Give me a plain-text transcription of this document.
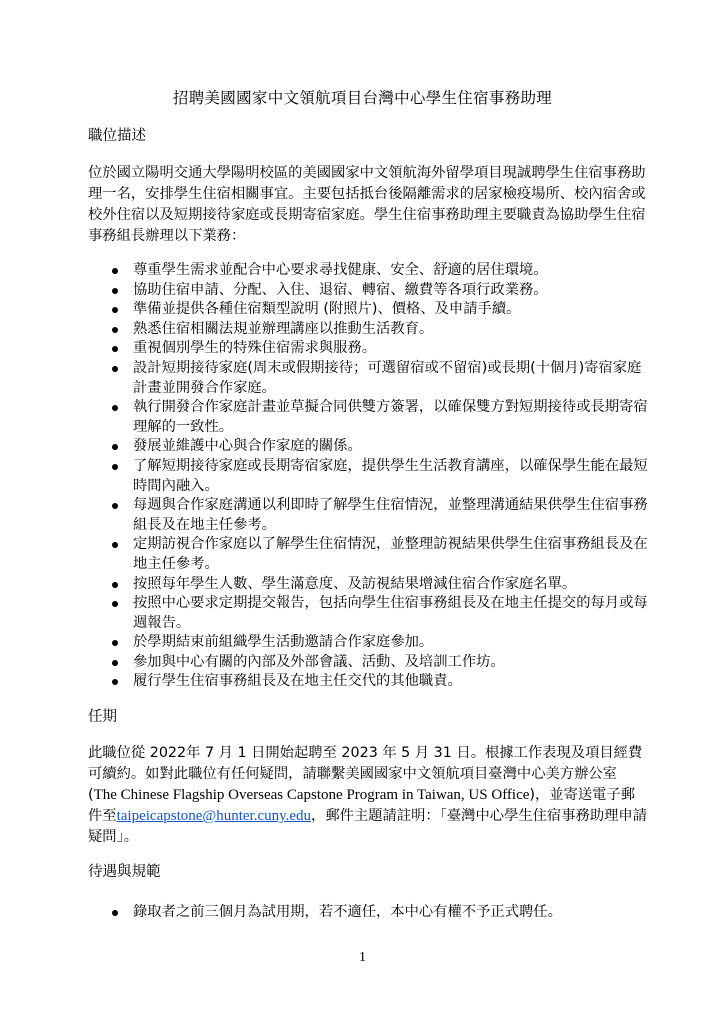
招聘美國國家中文領航項目台灣中心學生住宿事務助理
職位描述

位於國立陽明交通大學陽明校區的美國國家中文領航海外留學項目現誠聘學生住宿事務助理一名，安排學生住宿相關事宜。主要包括抵台後隔離需求的居家檢疫場所、校內宿舍或校外住宿以及短期接待家庭或長期寄宿家庭。學生住宿事務助理主要職責為協助學生住宿事務組長辦理以下業務：

尊重學生需求並配合中心要求尋找健康、安全、舒適的居住環境。
協助住宿申請、分配、入住、退宿、轉宿、繳費等各項行政業務。
準備並提供各種住宿類型說明 (附照片)、價格、及申請手續。
熟悉住宿相關法規並辦理講座以推動生活教育。
重視個別學生的特殊住宿需求與服務。
設計短期接待家庭(周末或假期接待；可選留宿或不留宿)或長期(十個月)寄宿家庭計畫並開發合作家庭。
執行開發合作家庭計畫並草擬合同供雙方簽署，以確保雙方對短期接待或長期寄宿理解的一致性。
發展並維護中心與合作家庭的關係。
了解短期接待家庭或長期寄宿家庭，提供學生生活教育講座，以確保學生能在最短時間內融入。
每週與合作家庭溝通以利即時了解學生住宿情況，並整理溝通結果供學生住宿事務組長及在地主任參考。
定期訪視合作家庭以了解學生住宿情況，並整理訪視結果供學生住宿事務組長及在地主任參考。
按照每年學生人數、學生滿意度、及訪視結果增減住宿合作家庭名單。
按照中心要求定期提交報告，包括向學生住宿事務組長及在地主任提交的每月或每週報告。
於學期結束前組織學生活動邀請合作家庭參加。
參加與中心有關的內部及外部會議、活動、及培訓工作坊。
履行學生住宿事務組長及在地主任交代的其他職責。
任期

此職位從 2022年 7 月 1 日開始起聘至 2023 年 5 月 31 日。根據工作表現及項目經費可續約。如對此職位有任何疑問，請聯繫美國國家中文領航項目臺灣中心美方辦公室 (The Chinese Flagship Overseas Capstone Program in Taiwan, US Office)，並寄送電子郵件至taipeicapstone@hunter.cuny.edu，郵件主題請註明：「臺灣中心學生住宿事務助理申請疑問」。

待遇與規範
錄取者之前三個月為試用期，若不適任，本中心有權不予正式聘任。
1
